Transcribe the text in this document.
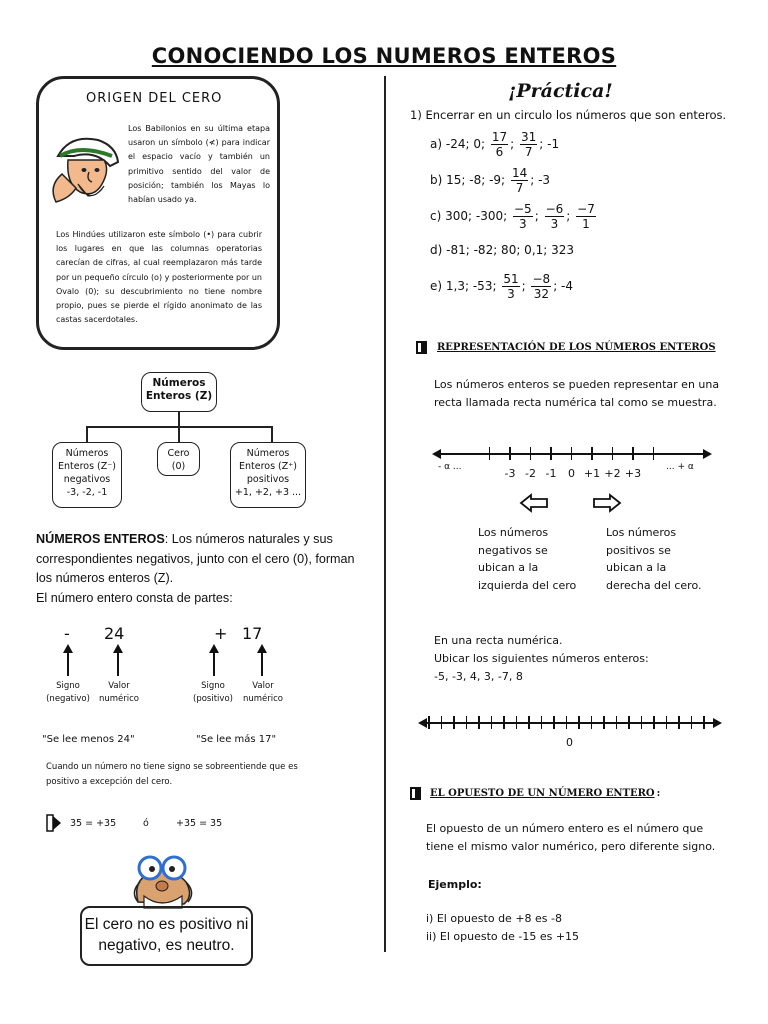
CONOCIENDO LOS NUMEROS ENTEROS
ORIGEN DEL CERO
Los Babilonios en su última etapa usaron un símbolo (≮) para indicar el espacio vacío y también un primitivo sentido del valor de posición; también los Mayas lo habían usado ya.
Los Hindúes utilizaron este símbolo (•) para cubrir los lugares en que las columnas operatorias carecían de cifras, al cual reemplazaron más tarde por un pequeño círculo (o) y posteriormente por un Ovalo (0); su descubrimiento no tiene nombre propio, pues se pierde el rígido anonimato de las castas sacerdotales.
Números
Enteros (Z)
Números
Enteros (Z⁻)
negativos
-3, -2, -1
Cero
(0)
Números
Enteros (Z⁺)
positivos
+1, +2, +3 ...
NÚMEROS ENTEROS: Los números naturales y sus correspondientes negativos, junto con el cero (0), forman los números enteros (Z).
El número entero consta de partes:
- 24	+ 17
Signo
(negativo)
Valor
numérico
Signo
(positivo)
Valor
numérico
"Se lee menos 24"	"Se lee más 17"
Cuando un número no tiene signo se sobreentiende que es positivo a excepción del cero.
35 = +35	ó	+35 = 35
El cero no es positivo ni negativo, es neutro.
¡Práctica!
1) Encerrar en un circulo los números que son enteros.
a) -24; 0; $\frac{17}{6}$ ; $\frac{31}{7}$ ; -1
b) 15; -8; -9; $\frac{14}{7}$ ; -3
c) 300; -300; $\frac{-5}{3}$ ; $\frac{-6}{3}$ ; $\frac{-7}{1}$
d) -81; -82; 80; 0,1; 323
e) 1,3; -53; $\frac{51}{3}$ ; $\frac{-8}{32}$ ; -4
REPRESENTACIÓN DE LOS NÚMEROS ENTEROS
Los números enteros se pueden representar en una recta llamada recta numérica tal como se muestra.
- α ...	... + α
-3 -2 -1	0 +1 +2 +3
Los números negativos se ubican a la izquierda del cero
Los números positivos se ubican a la derecha del cero.
En una recta numérica.
Ubicar los siguientes números enteros:
-5, -3, 4, 3, -7, 8
0
EL OPUESTO DE UN NÚMERO ENTERO :
El opuesto de un número entero es el número que tiene el mismo valor numérico, pero diferente signo.
Ejemplo:
i) El opuesto de +8 es -8
ii) El opuesto de -15 es +15
